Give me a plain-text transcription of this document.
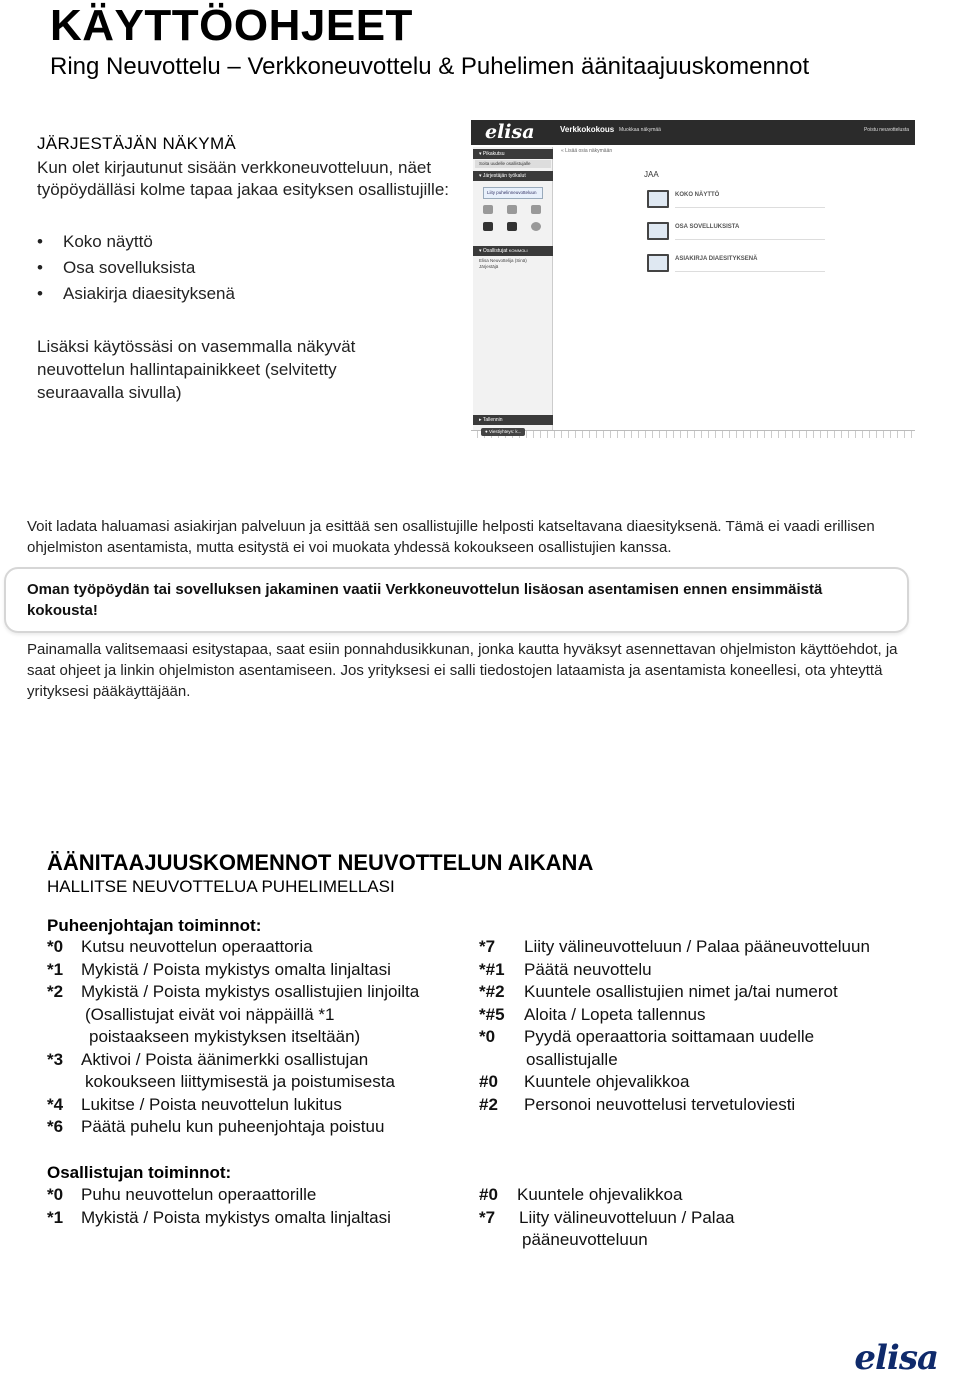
KÄYTTÖOHJEET
Ring Neuvottelu – Verkkoneuvottelu & Puhelimen äänitaajuuskomennot
JÄRJESTÄJÄN NÄKYMÄ
Kun olet kirjautunut sisään verkkoneuvotteluun, näet työpöydälläsi kolme tapaa jakaa esityksen osallistujille:
• Koko näyttö
• Osa sovelluksista
• Asiakirja diaesityksenä
Lisäksi käytössäsi on vasemmalla näkyvät neuvottelun hallintapainikkeet (selvitetty seuraavalla sivulla)
elisa	Verkkokokous Muokkaa näkymää	Poistu neuvottelusta
▾ Pikakutsu
Soita uudelle osallistujalle
▾ Järjestäjän työkalut
Liity puhelinneuvotteluun
▾ Osallistujat KOMMOLI
Elisa Neuvottelija (Sinä)
Järjestäjä
▸ Tallennin
« Lisää osia näkymään
JAA
KOKO NÄYTTÖ
OSA SOVELLUKSISTA
ASIAKIRJA DIAESITYKSENÄ
● Viestiyhteys: k...
Voit ladata haluamasi asiakirjan palveluun ja esittää sen osallistujille helposti katseltavana diaesityksenä. Tämä ei vaadi erillisen ohjelmiston asentamista, mutta esitystä ei voi muokata yhdessä kokoukseen osallistujien kanssa.
Oman työpöydän tai sovelluksen jakaminen vaatii Verkkoneuvottelun lisäosan asentamisen ennen ensimmäistä kokousta!
Painamalla valitsemaasi esitystapaa, saat esiin ponnahdusikkunan, jonka kautta hyväksyt asennettavan ohjelmiston käyttöehdot, ja saat ohjeet ja linkin ohjelmiston asentamiseen. Jos yrityksesi ei salli tiedostojen lataamista ja asentamista koneellesi, ota yhteyttä yrityksesi pääkäyttäjään.
ÄÄNITAAJUUSKOMENNOT NEUVOTTELUN AIKANA
HALLITSE NEUVOTTELUA PUHELIMELLASI
Puheenjohtajan toiminnot:
*0 Kutsu neuvottelun operaattoria
*1 Mykistä / Poista mykistys omalta linjaltasi
*2 Mykistä / Poista mykistys osallistujien linjoilta
(Osallistujat eivät voi näppäillä *1
poistaakseen mykistyksen itseltään)
*3 Aktivoi / Poista äänimerkki osallistujan
kokoukseen liittymisestä ja poistumisesta
*4 Lukitse / Poista neuvottelun lukitus
*6 Päätä puhelu kun puheenjohtaja poistuu
*7 Liity välineuvotteluun / Palaa pääneuvotteluun
*#1 Päätä neuvottelu
*#2 Kuuntele osallistujien nimet ja/tai numerot
*#5 Aloita / Lopeta tallennus
*0 Pyydä operaattoria soittamaan uudelle
osallistujalle
#0 Kuuntele ohjevalikkoa
#2 Personoi neuvottelusi tervetuloviesti
Osallistujan toiminnot:
*0 Puhu neuvottelun operaattorille
*1 Mykistä / Poista mykistys omalta linjaltasi
#0 Kuuntele ohjevalikkoa
*7 Liity välineuvotteluun / Palaa
pääneuvotteluun
elisa
